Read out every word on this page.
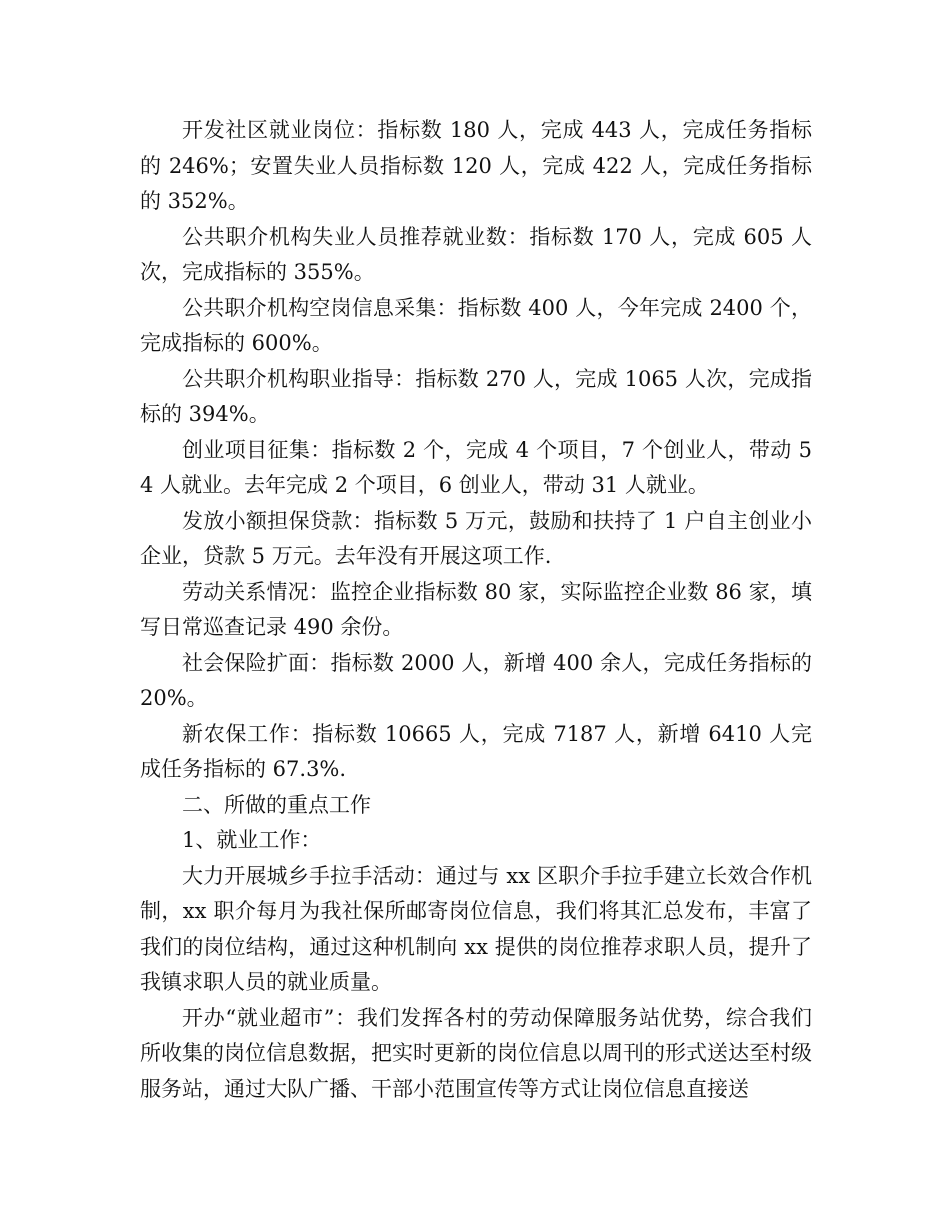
开发社区就业岗位：指标数 180 人，完成 443 人，完成任务指标的 246%；安置失业人员指标数 120 人，完成 422 人，完成任务指标的 352%。

公共职介机构失业人员推荐就业数：指标数 170 人，完成 605 人次，完成指标的 355%。

公共职介机构空岗信息采集：指标数 400 人，今年完成 2400 个，完成指标的 600%。

公共职介机构职业指导：指标数 270 人，完成 1065 人次，完成指标的 394%。

创业项目征集：指标数 2 个，完成 4 个项目，7 个创业人，带动 54 人就业。去年完成 2 个项目，6 创业人，带动 31 人就业。

发放小额担保贷款：指标数 5 万元，鼓励和扶持了 1 户自主创业小企业，贷款 5 万元。去年没有开展这项工作.

劳动关系情况：监控企业指标数 80 家，实际监控企业数 86 家，填写日常巡查记录 490 余份。

社会保险扩面：指标数 2000 人，新增 400 余人，完成任务指标的 20%。

新农保工作：指标数 10665 人，完成 7187 人，新增 6410 人完成任务指标的 67.3%.

二、所做的重点工作

1、就业工作：

大力开展城乡手拉手活动：通过与 xx 区职介手拉手建立长效合作机制，xx 职介每月为我社保所邮寄岗位信息，我们将其汇总发布，丰富了我们的岗位结构，通过这种机制向 xx 提供的岗位推荐求职人员，提升了我镇求职人员的就业质量。

开办“就业超市”：我们发挥各村的劳动保障服务站优势，综合我们所收集的岗位信息数据，把实时更新的岗位信息以周刊的形式送达至村级服务站，通过大队广播、干部小范围宣传等方式让岗位信息直接送
